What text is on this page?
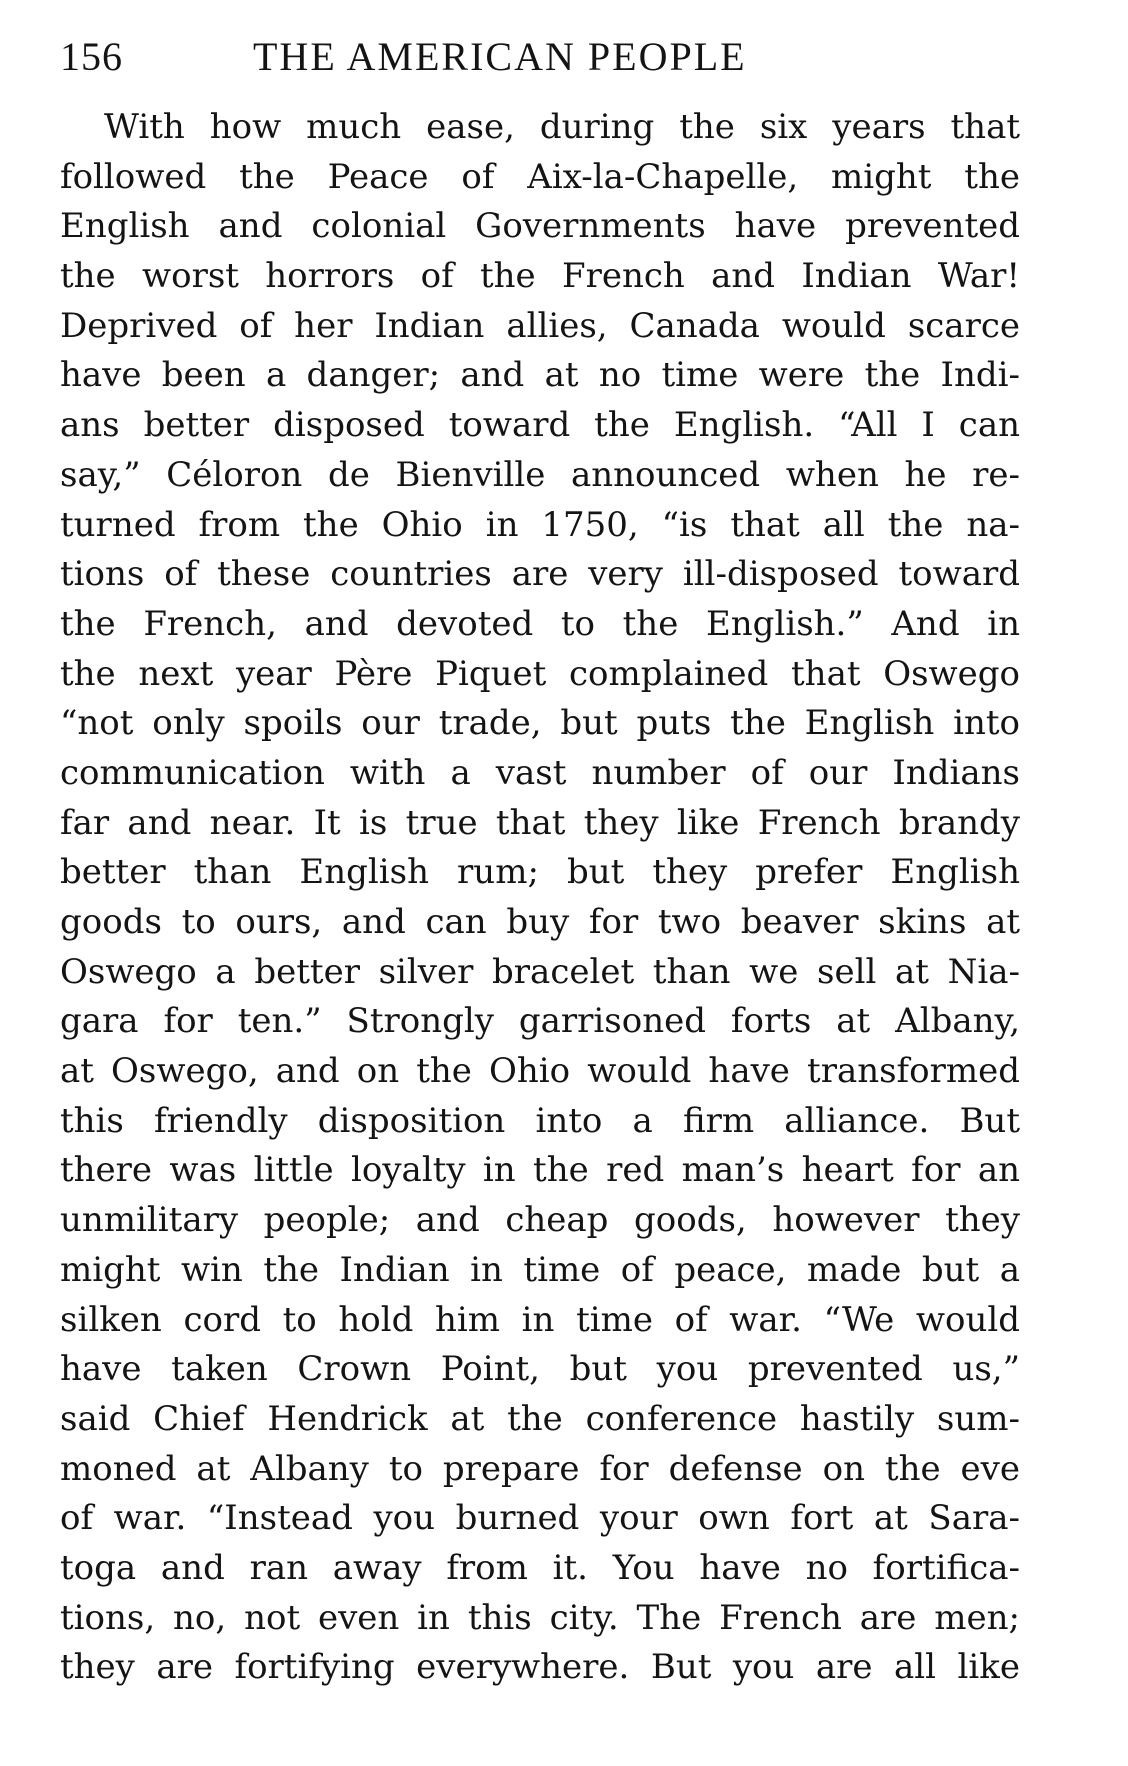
156	THE AMERICAN PEOPLE
With how much ease, during the six years that
followed the Peace of Aix-la-Chapelle, might the
English and colonial Governments have prevented
the worst horrors of the French and Indian War!
Deprived of her Indian allies, Canada would scarce
have been a danger; and at no time were the Indi-
ans better disposed toward the English. “All I can
say,” Céloron de Bienville announced when he re-
turned from the Ohio in 1750, “is that all the na-
tions of these countries are very ill-disposed toward
the French, and devoted to the English.” And in
the next year Père Piquet complained that Oswego
“not only spoils our trade, but puts the English into
communication with a vast number of our Indians
far and near. It is true that they like French brandy
better than English rum; but they prefer English
goods to ours, and can buy for two beaver skins at
Oswego a better silver bracelet than we sell at Nia-
gara for ten.” Strongly garrisoned forts at Albany,
at Oswego, and on the Ohio would have transformed
this friendly disposition into a firm alliance. But
there was little loyalty in the red man’s heart for an
unmilitary people; and cheap goods, however they
might win the Indian in time of peace, made but a
silken cord to hold him in time of war. “We would
have taken Crown Point, but you prevented us,”
said Chief Hendrick at the conference hastily sum-
moned at Albany to prepare for defense on the eve
of war. “Instead you burned your own fort at Sara-
toga and ran away from it. You have no fortifica-
tions, no, not even in this city. The French are men;
they are fortifying everywhere. But you are all like
